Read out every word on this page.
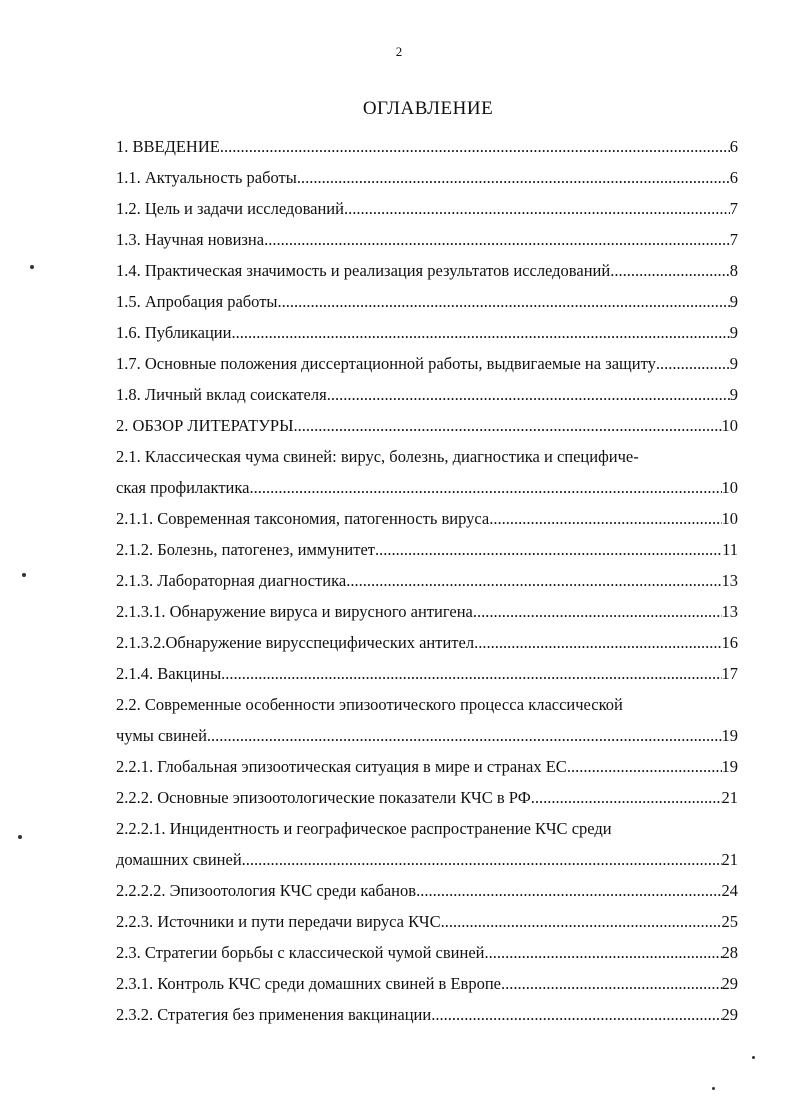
2
ОГЛАВЛЕНИЕ
1. ВВЕДЕНИЕ .....	6
1.1. Актуальность работы .....	6
1.2. Цель и задачи исследований. .....	7
1.3. Научная новизна .....	7
1.4. Практическая значимость и реализация результатов исследований .....	8
1.5. Апробация работы .....	9
1.6. Публикации .....	9
1.7. Основные положения диссертационной работы, выдвигаемые на защиту .....	9
1.8. Личный вклад соискателя .....	9
2. ОБЗОР ЛИТЕРАТУРЫ .....	10
2.1. Классическая чума свиней: вирус, болезнь, диагностика и специфиче-
ская профилактика .....	10
2.1.1. Современная таксономия, патогенность вируса .....	10
2.1.2. Болезнь, патогенез, иммунитет .....	11
2.1.3. Лабораторная диагностика .....	13
2.1.3.1. Обнаружение вируса и вирусного антигена .....	13
2.1.3.2.Обнаружение вирусспецифических антител .....	16
2.1.4. Вакцины .....	17
2.2. Современные особенности эпизоотического процесса классической
чумы свиней .....	19
2.2.1. Глобальная эпизоотическая ситуация в мире и странах ЕС .....	19
2.2.2. Основные эпизоотологические показатели КЧС в РФ .....	21
2.2.2.1. Инцидентность и географическое распространение КЧС среди
домашних свиней .....	21
2.2.2.2. Эпизоотология КЧС среди кабанов .....	24
2.2.3. Источники и пути передачи вируса КЧС .....	25
2.3. Стратегии борьбы с классической чумой свиней .....	28
2.3.1. Контроль КЧС среди домашних свиней в Европе .....	29
2.3.2. Стратегия без применения вакцинации .....	29
